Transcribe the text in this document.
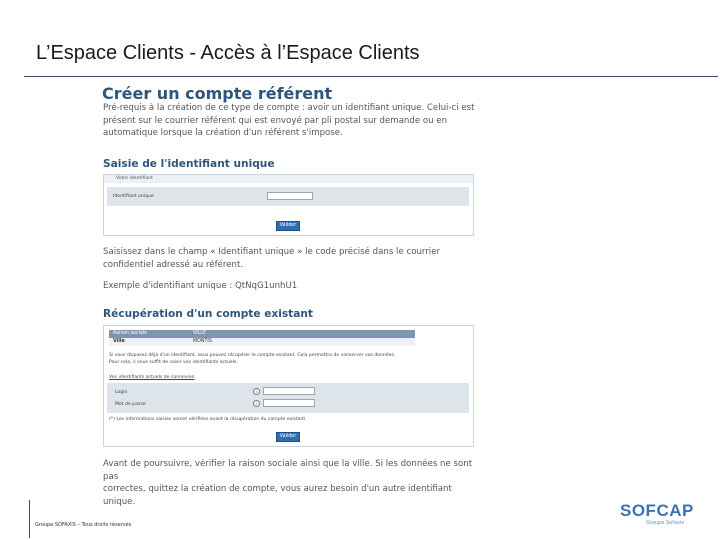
L’Espace Clients - Accès à l’Espace Clients
Créer un compte référent
Pré-requis à la création de ce type de compte : avoir un identifiant unique. Celui-ci est
présent sur le courrier référent qui est envoyé par pli postal sur demande ou en
automatique lorsque la création d'un référent s'impose.
Saisie de l'identifiant unique
Votre identifiant
Identifiant unique
Valider
Saisissez dans le champ « Identifiant unique » le code précisé dans le courrier
confidentiel adressé au référent.
Exemple d'identifiant unique : QtNqG1unhU1
Récupération d'un compte existant
Raison sociale	VILLE
Ville	MONTIS
Si vous disposez déjà d'un identifiant, vous pouvez récupérer le compte existant. Cela permettra de conserver vos données.
Pour cela, il vous suffit de saisir vos identifiants actuels.
Vos identifiants actuels de connexion
Login	i
Mot de passe	i
(*) Les informations saisies seront vérifiées avant la récupération du compte existant
Valider
Avant de poursuivre, vérifier la raison sociale ainsi que la ville. Si les données ne sont pas
correctes, quittez la création de compte, vous aurez besoin d'un autre identifiant
unique.
Groupe SOFAXIS – Tous droits réservés
SOFCAP
Groupe Sofaxis
